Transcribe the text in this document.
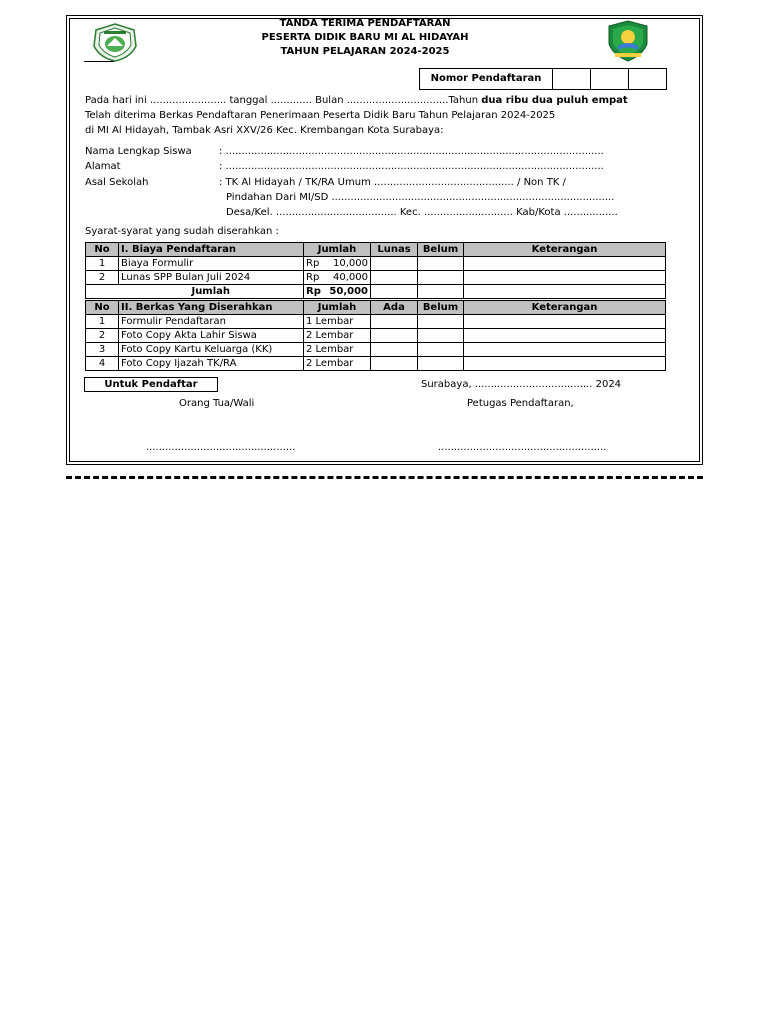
TANDA TERIMA PENDAFTARAN
PESERTA DIDIK BARU MI AL HIDAYAH
TAHUN PELAJARAN 2024-2025
Nomor Pendaftaran
Pada hari ini ........................ tanggal ............. Bulan ................................Tahun dua ribu dua puluh empat
Telah diterima Berkas Pendaftaran Penerimaan Peserta Didik Baru Tahun Pelajaran 2024-2025
di MI Al Hidayah, Tambak Asri XXV/26 Kec. Krembangan Kota Surabaya:
Nama Lengkap Siswa	: .......................................................................................................................
Alamat	: .......................................................................................................................
Asal Sekolah	: TK Al Hidayah / TK/RA Umum ............................................ / Non TK /
Pindahan Dari MI/SD .........................................................................................
Desa/Kel. ...................................... Kec. ............................ Kab/Kota .................
Syarat-syarat yang sudah diserahkan :
No	I. Biaya Pendaftaran	Jumlah	Lunas	Belum	Keterangan
1	Biaya Formulir	Rp 10,000			

2	Lunas SPP Bulan Juli 2024	Rp 40,000			

	Jumlah	Rp 50,000			

No	II. Berkas Yang Diserahkan	Jumlah	Ada	Belum	Keterangan
1	Formulir Pendaftaran	1 Lembar			
2	Foto Copy Akta Lahir Siswa	2 Lembar			
3	Foto Copy Kartu Keluarga (KK)	2 Lembar			
4	Foto Copy Ijazah TK/RA	2 Lembar			
Untuk Pendaftar	Surabaya, ..................................... 2024
Orang Tua/Wali	Petugas Pendaftaran,
...............................................	.....................................................
